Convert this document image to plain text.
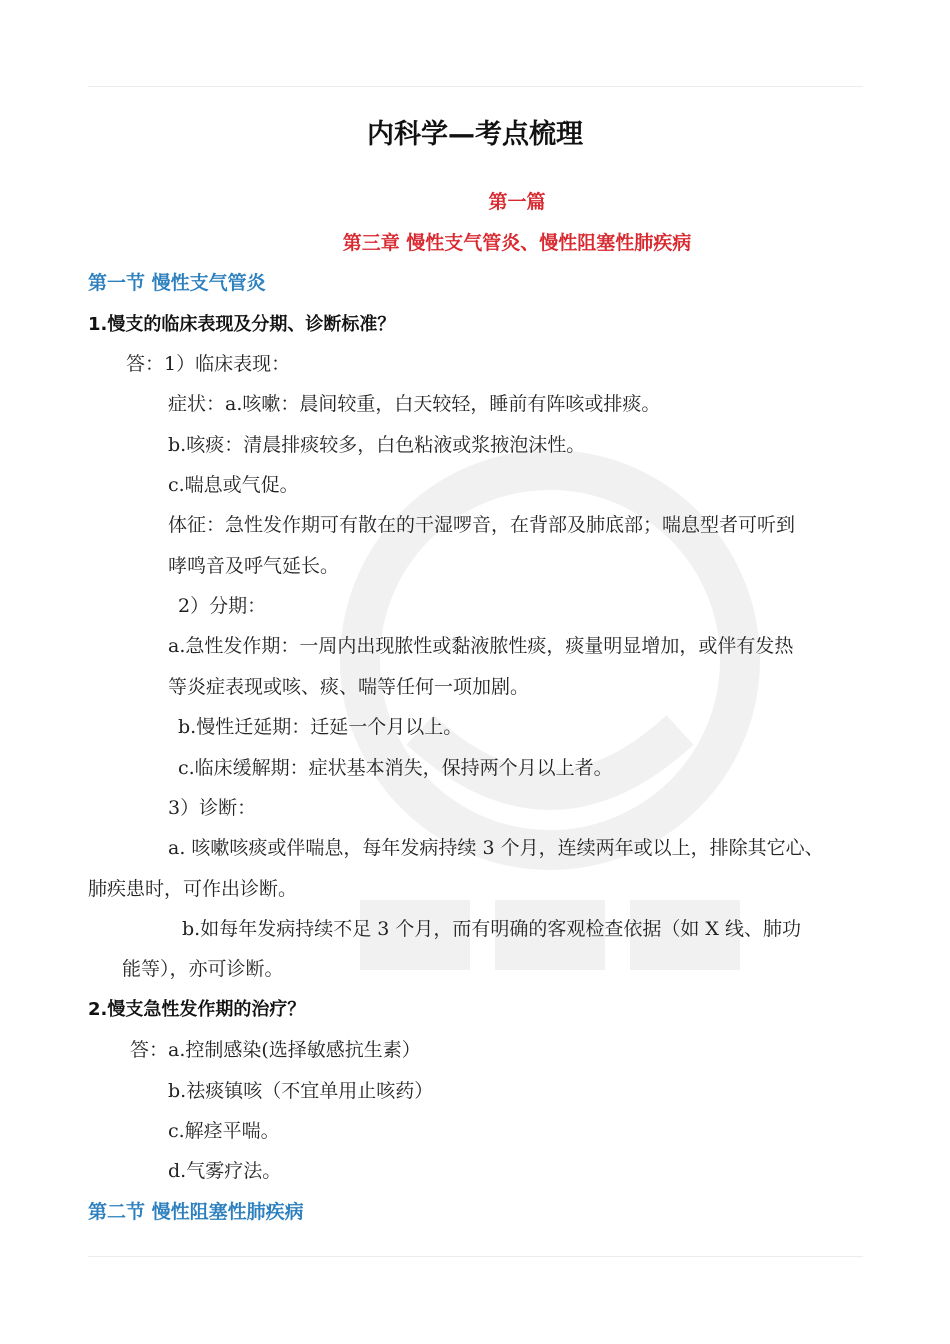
内科学—考点梳理
第一篇
第三章 慢性支气管炎、慢性阻塞性肺疾病
第一节 慢性支气管炎
1.慢支的临床表现及分期、诊断标准？
答：1）临床表现：
症状：a.咳嗽：晨间较重，白天较轻，睡前有阵咳或排痰。
b.咳痰：清晨排痰较多，白色粘液或浆掖泡沫性。
c.喘息或气促。
体征：急性发作期可有散在的干湿啰音，在背部及肺底部；喘息型者可听到
哮鸣音及呼气延长。
2）分期：
a.急性发作期：一周内出现脓性或黏液脓性痰，痰量明显增加，或伴有发热
等炎症表现或咳、痰、喘等任何一项加剧。
b.慢性迁延期：迁延一个月以上。
c.临床缓解期：症状基本消失，保持两个月以上者。
3）诊断：
a. 咳嗽咳痰或伴喘息，每年发病持续 3 个月，连续两年或以上，排除其它心、
肺疾患时，可作出诊断。
b.如每年发病持续不足 3 个月，而有明确的客观检查依据（如 X 线、肺功
能等），亦可诊断。
2.慢支急性发作期的治疗？
答：a.控制感染(选择敏感抗生素）
b.祛痰镇咳（不宜单用止咳药）
c.解痉平喘。
d.气雾疗法。
第二节 慢性阻塞性肺疾病
